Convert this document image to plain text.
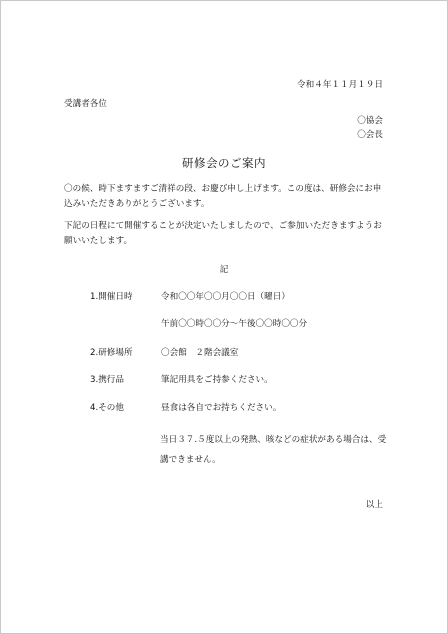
令和４年１１月１９日
受講者各位
〇協会
〇会長
研修会のご案内
〇の候、時下ますますご清祥の段、お慶び申し上げます。この度は、研修会にお申込みいただきありがとうございます。
下記の日程にて開催することが決定いたしましたので、ご参加いただきますようお願いいたします。
記
1.開催日時	令和〇〇年〇〇月〇〇日（曜日）
午前〇〇時〇〇分～午後〇〇時〇〇分
2.研修場所	〇会館　２階会議室
3.携行品	筆記用具をご持参ください。
4.その他	昼食は各自でお持ちください。
当日３７.５度以上の発熱、咳などの症状がある場合は、受講できません。
以上
